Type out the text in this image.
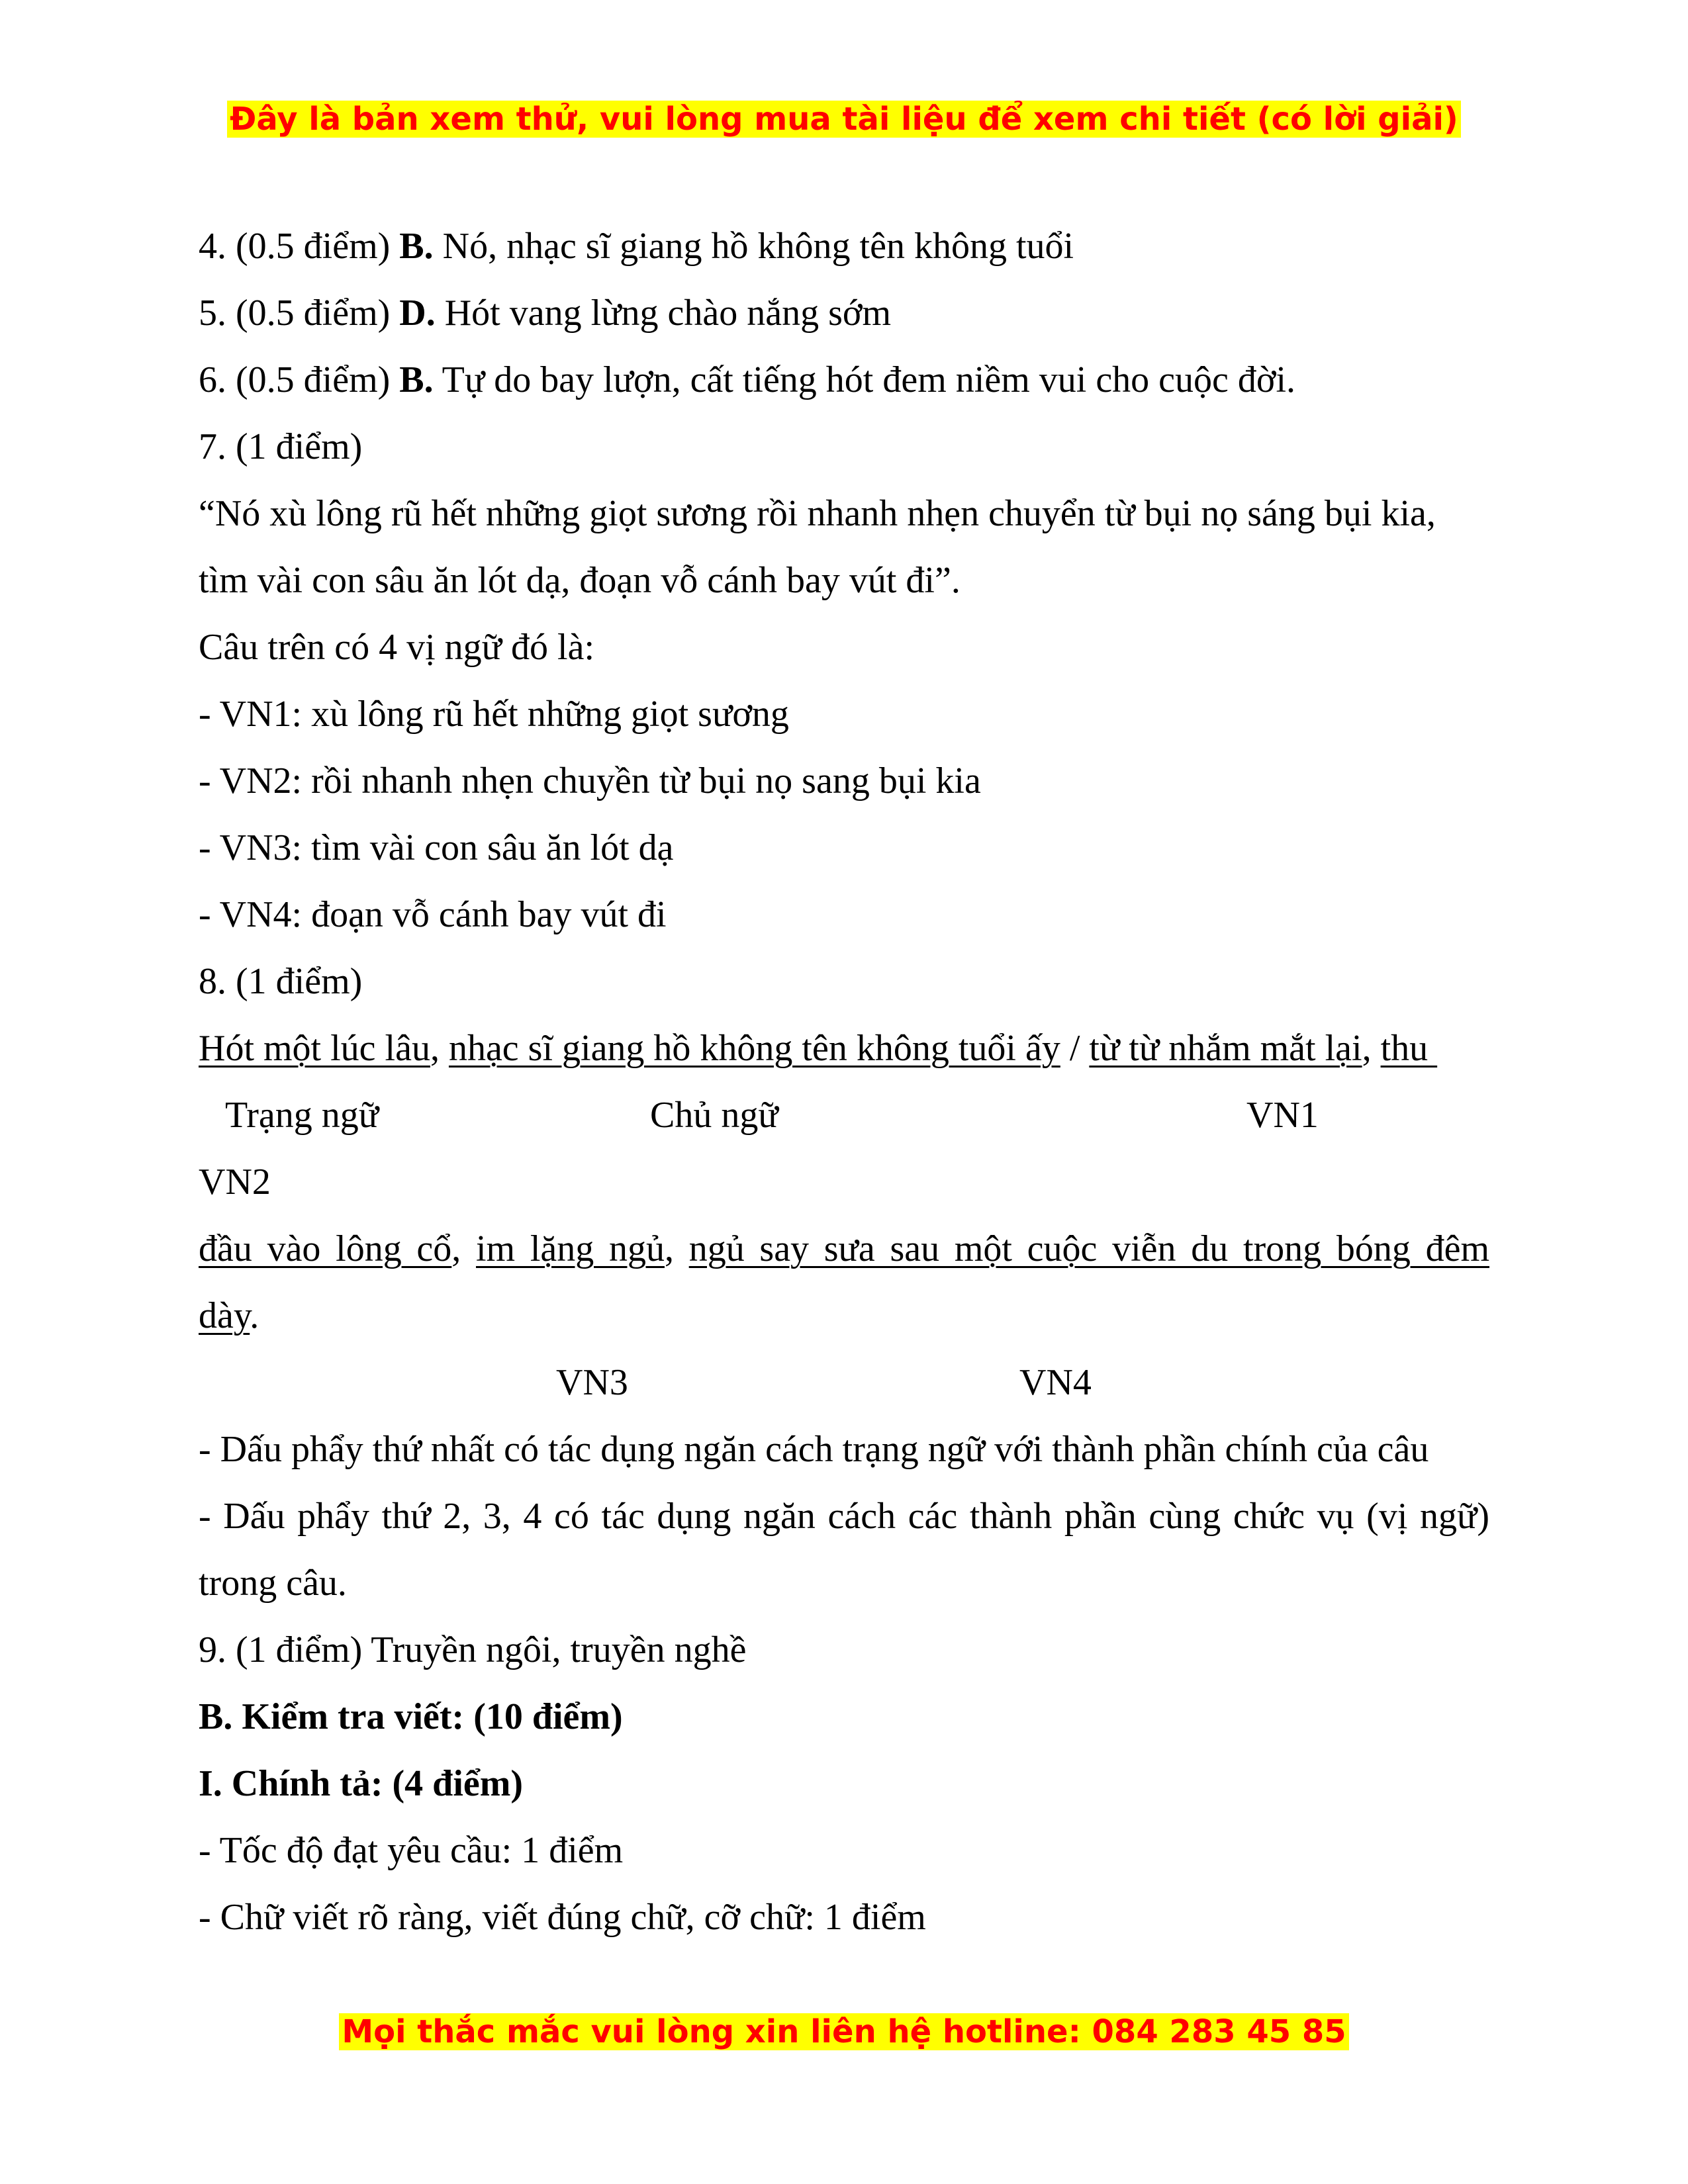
Đây là bản xem thử, vui lòng mua tài liệu để xem chi tiết (có lời giải)
4. (0.5 điểm) B. Nó, nhạc sĩ giang hồ không tên không tuổi
5. (0.5 điểm) D. Hót vang lừng chào nắng sớm
6. (0.5 điểm) B. Tự do bay lượn, cất tiếng hót đem niềm vui cho cuộc đời.
7. (1 điểm)
“Nó xù lông rũ hết những giọt sương rồi nhanh nhẹn chuyển từ bụi nọ sáng bụi kia,
tìm vài con sâu ăn lót dạ, đoạn vỗ cánh bay vút đi”.
Câu trên có 4 vị ngữ đó là:
- VN1: xù lông rũ hết những giọt sương
- VN2: rồi nhanh nhẹn chuyền từ bụi nọ sang bụi kia
- VN3: tìm vài con sâu ăn lót dạ
- VN4: đoạn vỗ cánh bay vút đi
8. (1 điểm)
Hót một lúc lâu, nhạc sĩ giang hồ không tên không tuổi ấy / từ từ nhắm mắt lại, thu
Trạng ngữ	Chủ ngữ	VN1
VN2
đầu vào lông cổ, im lặng ngủ, ngủ say sưa sau một cuộc viễn du trong bóng đêm
dày.
VN3	VN4
- Dấu phẩy thứ nhất có tác dụng ngăn cách trạng ngữ với thành phần chính của câu
- Dấu phẩy thứ 2, 3, 4 có tác dụng ngăn cách các thành phần cùng chức vụ (vị ngữ)
trong câu.
9. (1 điểm) Truyền ngôi, truyền nghề
B. Kiểm tra viết: (10 điểm)
I. Chính tả: (4 điểm)
- Tốc độ đạt yêu cầu: 1 điểm
- Chữ viết rõ ràng, viết đúng chữ, cỡ chữ: 1 điểm
Mọi thắc mắc vui lòng xin liên hệ hotline: 084 283 45 85
